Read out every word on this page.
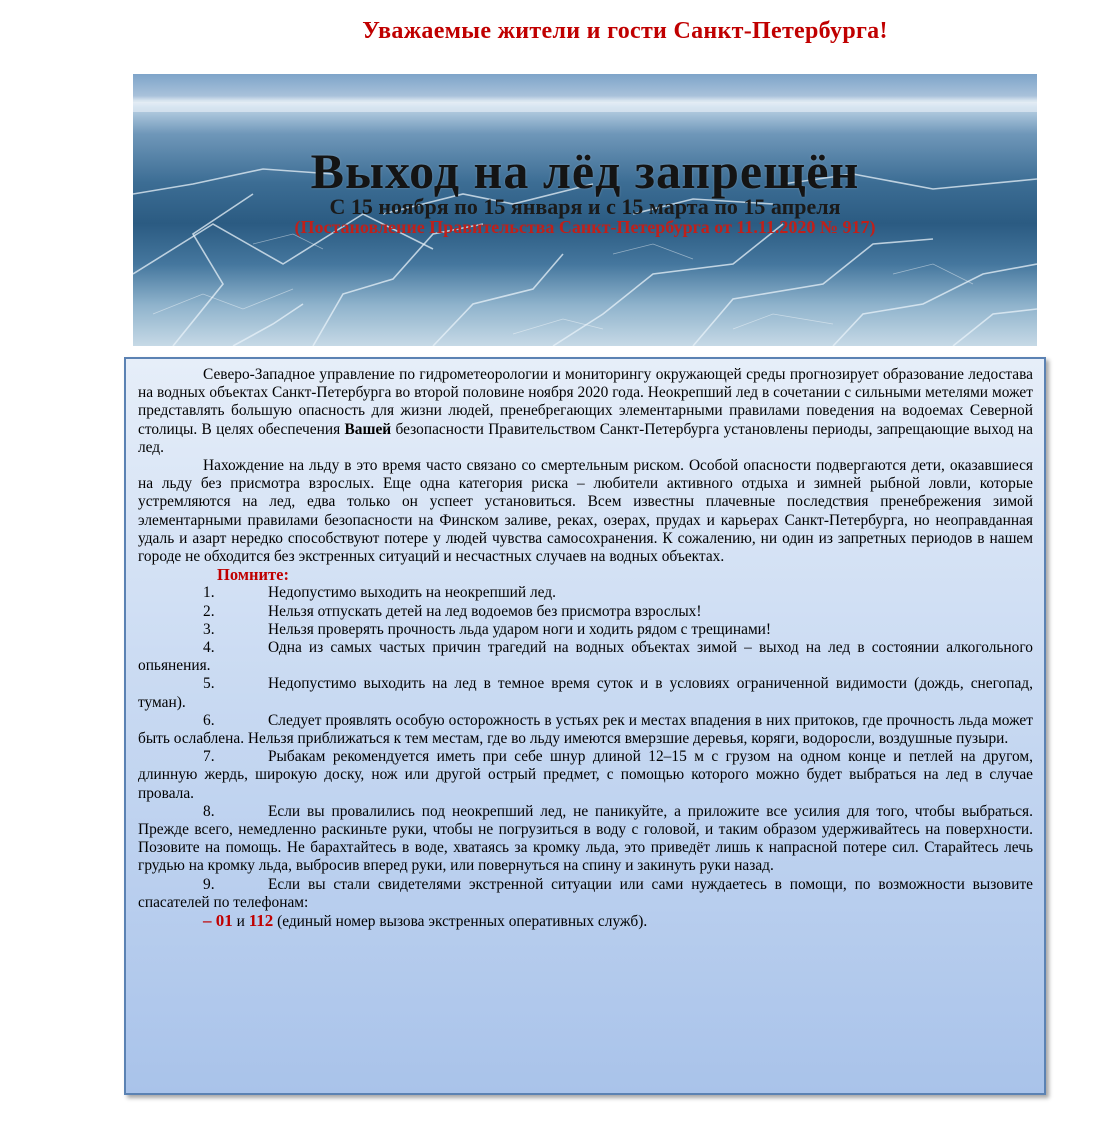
Уважаемые жители и гости Санкт-Петербурга!
Выход на лёд запрещён
С 15 ноября по 15 января и с 15 марта по 15 апреля
(Постановление Правительства Санкт-Петербурга от 11.11.2020 № 917)

Северо-Западное управление по гидрометеорологии и мониторингу окружающей среды прогнозирует образование ледостава на водных объектах Санкт-Петербурга во второй половине ноября 2020 года. Неокрепший лед в сочетании с сильными метелями может представлять большую опасность для жизни людей, пренебрегающих элементарными правилами поведения на водоемах Северной столицы. В целях обеспечения Вашей безопасности Правительством Санкт-Петербурга установлены периоды, запрещающие выход на лед.

Нахождение на льду в это время часто связано со смертельным риском. Особой опасности подвергаются дети, оказавшиеся на льду без присмотра взрослых. Еще одна категория риска – любители активного отдыха и зимней рыбной ловли, которые устремляются на лед, едва только он успеет установиться. Всем известны плачевные последствия пренебрежения зимой элементарными правилами безопасности на Финском заливе, реках, озерах, прудах и карьерах Санкт-Петербурга, но неоправданная удаль и азарт нередко способствуют потере у людей чувства самосохранения. К сожалению, ни один из запретных периодов в нашем городе не обходится без экстренных ситуаций и несчастных случаев на водных объектах.

Помните:

1.	Недопустимо выходить на неокрепший лед.

2.	Нельзя отпускать детей на лед водоемов без присмотра взрослых!

3.	Нельзя проверять прочность льда ударом ноги и ходить рядом с трещинами!

4.	Одна из самых частых причин трагедий на водных объектах зимой – выход на лед в состоянии алкогольного опьянения.

5.	Недопустимо выходить на лед в темное время суток и в условиях ограниченной видимости (дождь, снегопад, туман).

6.	Следует проявлять особую осторожность в устьях рек и местах впадения в них притоков, где прочность льда может быть ослаблена. Нельзя приближаться к тем местам, где во льду имеются вмерзшие деревья, коряги, водоросли, воздушные пузыри.

7.	Рыбакам рекомендуется иметь при себе шнур длиной 12–15 м с грузом на одном конце и петлей на другом, длинную жердь, широкую доску, нож или другой острый предмет, с помощью которого можно будет выбраться на лед в случае провала.

8.	Если вы провалились под неокрепший лед, не паникуйте, а приложите все усилия для того, чтобы выбраться. Прежде всего, немедленно раскиньте руки, чтобы не погрузиться в воду с головой, и таким образом удерживайтесь на поверхности. Позовите на помощь. Не барахтайтесь в воде, хватаясь за кромку льда, это приведёт лишь к напрасной потере сил. Старайтесь лечь грудью на кромку льда, выбросив вперед руки, или повернуться на спину и закинуть руки назад.

9.	Если вы стали свидетелями экстренной ситуации или сами нуждаетесь в помощи, по возможности вызовите спасателей по телефонам:

– 01 и 112 (единый номер вызова экстренных оперативных служб).
